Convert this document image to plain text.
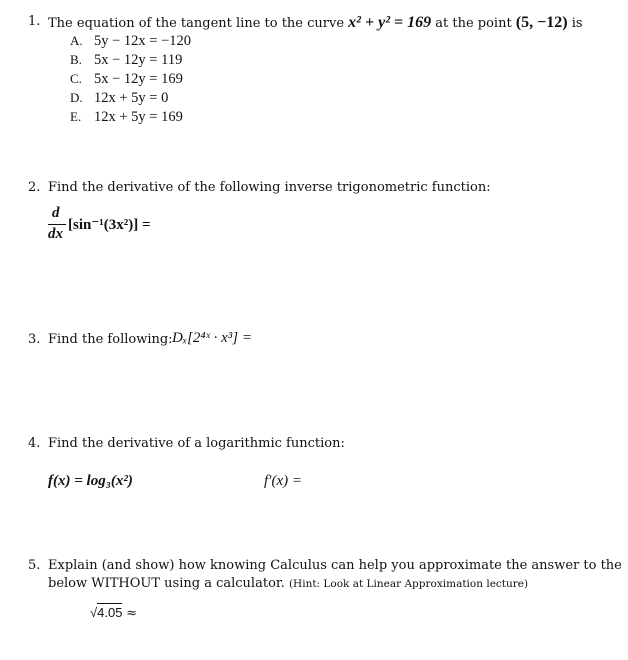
1. The equation of the tangent line to the curve x² + y² = 169 at the point (5, −12) is
A. 5y − 12x = −120
B. 5x − 12y = 119
C. 5x − 12y = 169
D. 12x + 5y = 0
E. 12x + 5y = 169
2. Find the derivative of the following inverse trigonometric function:
d
dx
[sin⁻¹(3x²)] =
3. Find the following: Dₓ[2⁴ˣ · x³] =
4. Find the derivative of a logarithmic function:
f(x) = log₃(x²)	f′(x) =
5. Explain (and show) how knowing Calculus can help you approximate the answer to the
below WITHOUT using a calculator. (Hint: Look at Linear Approximation lecture)
√4.05 ≈
